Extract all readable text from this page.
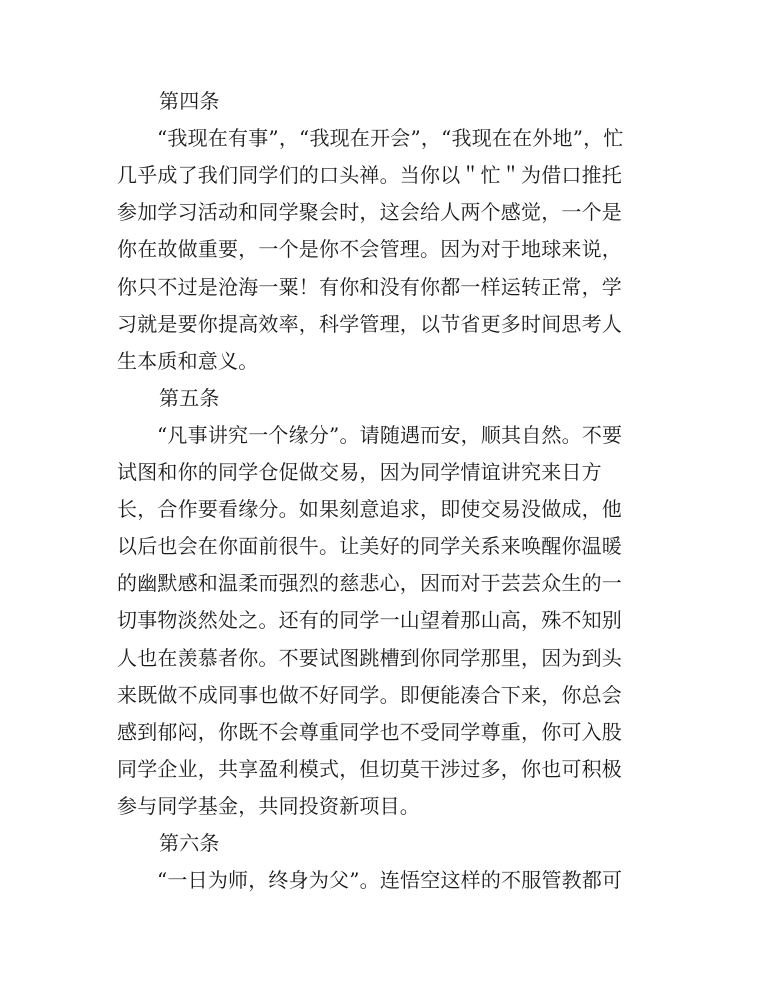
第四条
“我现在有事”，“我现在开会”，“我现在在外地”，忙
几乎成了我们同学们的口头禅。当你以＂忙＂为借口推托
参加学习活动和同学聚会时，这会给人两个感觉，一个是
你在故做重要，一个是你不会管理。因为对于地球来说，
你只不过是沧海一粟！有你和没有你都一样运转正常，学
习就是要你提高效率，科学管理，以节省更多时间思考人
生本质和意义。
第五条
“凡事讲究一个缘分”。请随遇而安，顺其自然。不要
试图和你的同学仓促做交易，因为同学情谊讲究来日方
长，合作要看缘分。如果刻意追求，即使交易没做成，他
以后也会在你面前很牛。让美好的同学关系来唤醒你温暖
的幽默感和温柔而强烈的慈悲心，因而对于芸芸众生的一
切事物淡然处之。还有的同学一山望着那山高，殊不知别
人也在羡慕者你。不要试图跳槽到你同学那里，因为到头
来既做不成同事也做不好同学。即便能凑合下来，你总会
感到郁闷，你既不会尊重同学也不受同学尊重，你可入股
同学企业，共享盈利模式，但切莫干涉过多，你也可积极
参与同学基金，共同投资新项目。
第六条
“一日为师，终身为父”。连悟空这样的不服管教都可
